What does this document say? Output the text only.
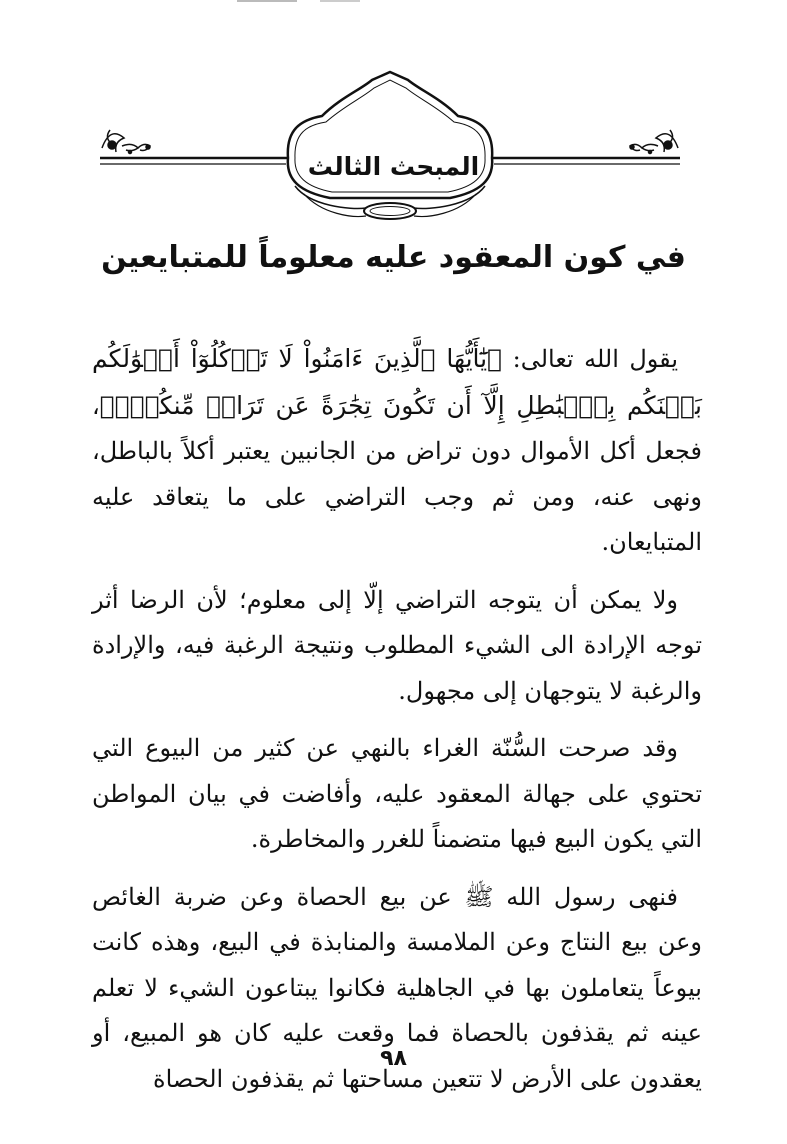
المبحث الثالث
في كون المعقود عليه معلوماً للمتبايعين

يقول الله تعالى: ﴿يَٰٓأَيُّهَا ٱلَّذِينَ ءَامَنُواْ لَا تَأۡكُلُوٓاْ أَمۡوَٰلَكُم بَيۡنَكُم بِٱلۡبَٰطِلِ إِلَّآ أَن تَكُونَ تِجَٰرَةً عَن تَرَاضٖ مِّنكُمۡۚ﴾، فجعل أكل الأموال دون تراض من الجانبين يعتبر أكلاً بالباطل، ونهى عنه، ومن ثم وجب التراضي على ما يتعاقد عليه المتبايعان.

ولا يمكن أن يتوجه التراضي إلّا إلى معلوم؛ لأن الرضا أثر توجه الإرادة الى الشيء المطلوب ونتيجة الرغبة فيه، والإرادة والرغبة لا يتوجهان إلى مجهول.

وقد صرحت السُّنّة الغراء بالنهي عن كثير من البيوع التي تحتوي على جهالة المعقود عليه، وأفاضت في بيان المواطن التي يكون البيع فيها متضمناً للغرر والمخاطرة.

فنهى رسول الله ﷺ عن بيع الحصاة وعن ضربة الغائص وعن بيع النتاج وعن الملامسة والمنابذة في البيع، وهذه كانت بيوعاً يتعاملون بها في الجاهلية فكانوا يبتاعون الشيء لا تعلم عينه ثم يقذفون بالحصاة فما وقعت عليه كان هو المبيع، أو يعقدون على الأرض لا تتعين مساحتها ثم يقذفون الحصاة

٩٨
